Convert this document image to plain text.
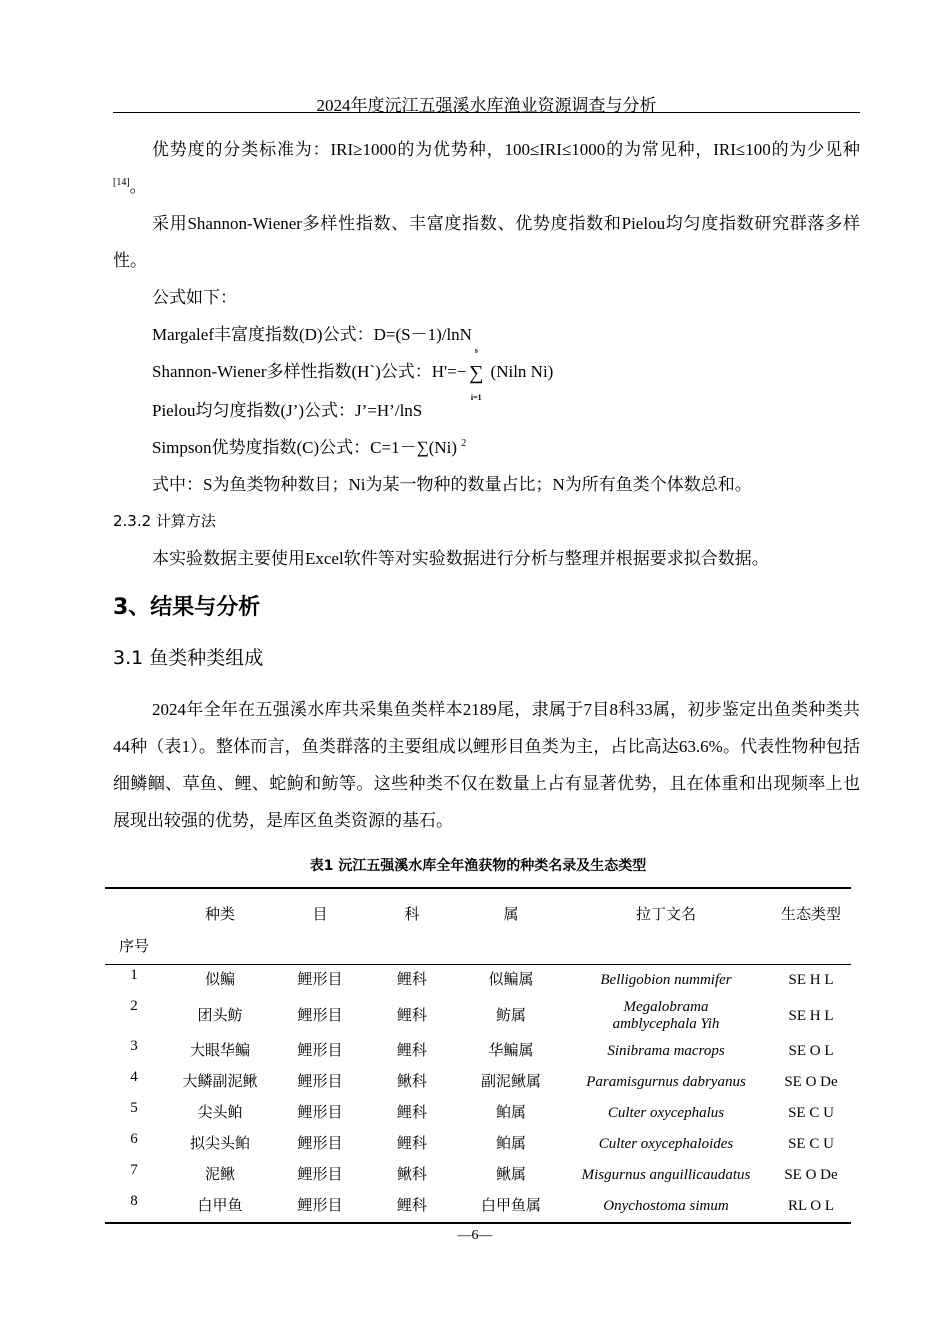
2024年度沅江五强溪水库渔业资源调查与分析

优势度的分类标准为：IRI≥1000的为优势种，100≤IRI≤1000的为常见种，IRI≤100的为少见种[14]。

采用Shannon-Wiener多样性指数、丰富度指数、优势度指数和Pielou均匀度指数研究群落多样性。

公式如下：

Margalef丰富度指数(D)公式：D=(S－1)/lnN

Shannon-Wiener多样性指数(H`)公式：H'=− ∑
s
i=1
(Niln Ni)

Pielou均匀度指数(J’)公式：J’=H’/lnS

Simpson优势度指数(C)公式：C=1－∑(Ni) $^2$

式中：S为鱼类物种数目；Ni为某一物种的数量占比；N为所有鱼类个体数总和。

2.3.2 计算方法

本实验数据主要使用Excel软件等对实验数据进行分析与整理并根据要求拟合数据。

3、结果与分析

3.1 鱼类种类组成

2024年全年在五强溪水库共采集鱼类样本2189尾，隶属于7目8科33属，初步鉴定出鱼类种类共44种（表1）。整体而言，鱼类群落的主要组成以鲤形目鱼类为主，占比高达63.6%。代表性物种包括细鳞鲴、草鱼、鲤、蛇鮈和鲂等。这些种类不仅在数量上占有显著优势，且在体重和出现频率上也展现出较强的优势，是库区鱼类资源的基石。

表1 沅江五强溪水库全年渔获物的种类名录及生态类型
序号	种类	目	科	属	拉丁文名	生态类型
1	似鳊	鲤形目	鲤科	似鳊属	Belligobion nummifer	SE H L
2	团头鲂	鲤形目	鲤科	鲂属	Megalobrama amblycephala Yih	SE H L
3	大眼华鳊	鲤形目	鲤科	华鳊属	Sinibrama macrops	SE O L
4	大鳞副泥鳅	鲤形目	鳅科	副泥鳅属	Paramisgurnus dabryanus	SE O De
5	尖头鲌	鲤形目	鲤科	鲌属	Culter oxycephalus	SE C U
6	拟尖头鲌	鲤形目	鲤科	鲌属	Culter oxycephaloides	SE C U
7	泥鳅	鲤形目	鳅科	鳅属	Misgurnus anguillicaudatus	SE O De
8	白甲鱼	鲤形目	鲤科	白甲鱼属	Onychostoma simum	RL O L
—6—
